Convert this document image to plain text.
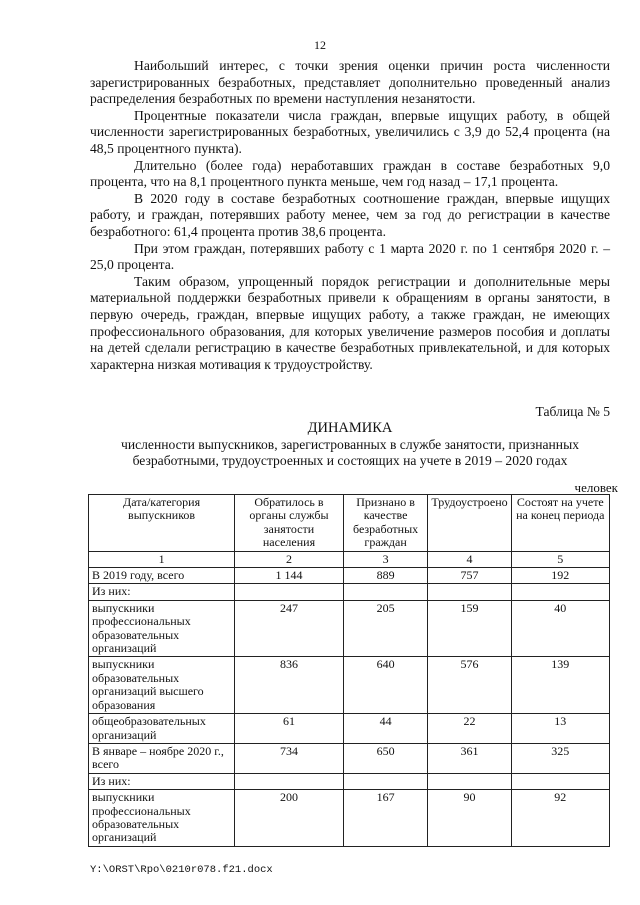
12

Наибольший интерес, с точки зрения оценки причин роста численности зарегистрированных безработных, представляет дополнительно проведенный анализ распределения безработных по времени наступления незанятости.

Процентные показатели числа граждан, впервые ищущих работу, в общей численности зарегистрированных безработных, увеличились с 3,9 до 52,4 процента (на 48,5 процентного пункта).

Длительно (более года) неработавших граждан в составе безработных 9,0 процента, что на 8,1 процентного пункта меньше, чем год назад – 17,1 процента.

В 2020 году в составе безработных соотношение граждан, впервые ищущих работу, и граждан, потерявших работу менее, чем за год до регистрации в качестве безработного: 61,4 процента против 38,6 процента.

При этом граждан, потерявших работу с 1 марта 2020 г. по 1 сентября 2020 г. – 25,0 процента.

Таким образом, упрощенный порядок регистрации и дополнительные меры материальной поддержки безработных привели к обращениям в органы занятости, в первую очередь, граждан, впервые ищущих работу, а также граждан, не имеющих профессионального образования, для которых увеличение размеров пособия и доплаты на детей сделали регистрацию в качестве безработных привлекательной, и для которых характерна низкая мотивация к трудоустройству.

Таблица № 5
ДИНАМИКА
численности выпускников, зарегистрованных в службе занятости, признанных безработными, трудоустроенных и состоящих на учете в 2019 – 2020 годах
человек
Дата/категория выпускников	Обратилось в органы службы занятости населения	Признано в качестве безработных граждан	Трудоустроено	Состоят на учете на конец периода
1	2	3	4	5
В 2019 году, всего	1 144	889	757	192
Из них:				
выпускники профессиональных образовательных организаций	247	205	159	40
выпускники образовательных организаций высшего образования	836	640	576	139
общеобразовательных организаций	61	44	22	13
В январе – ноябре 2020 г., всего	734	650	361	325
Из них:				
выпускники профессиональных образовательных организаций	200	167	90	92
Y:\ORST\Rpo\0210r078.f21.docx
